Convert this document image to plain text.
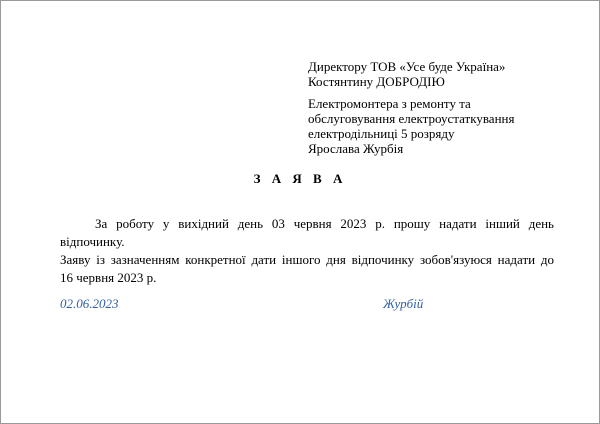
Директору ТОВ «Усе буде Україна»
Костянтину ДОБРОДІЮ
Електромонтера з ремонту та
обслуговування електроустаткування
електродільниці 5 розряду
Ярослава Журбія
З А Я В А
За роботу у вихідний день 03 червня 2023 р. прошу надати інший день відпочинку.
Заяву із зазначенням конкретної дати іншого дня відпочинку зобов'язуюся надати до
16 червня 2023 р.
02.06.2023	Журбій
